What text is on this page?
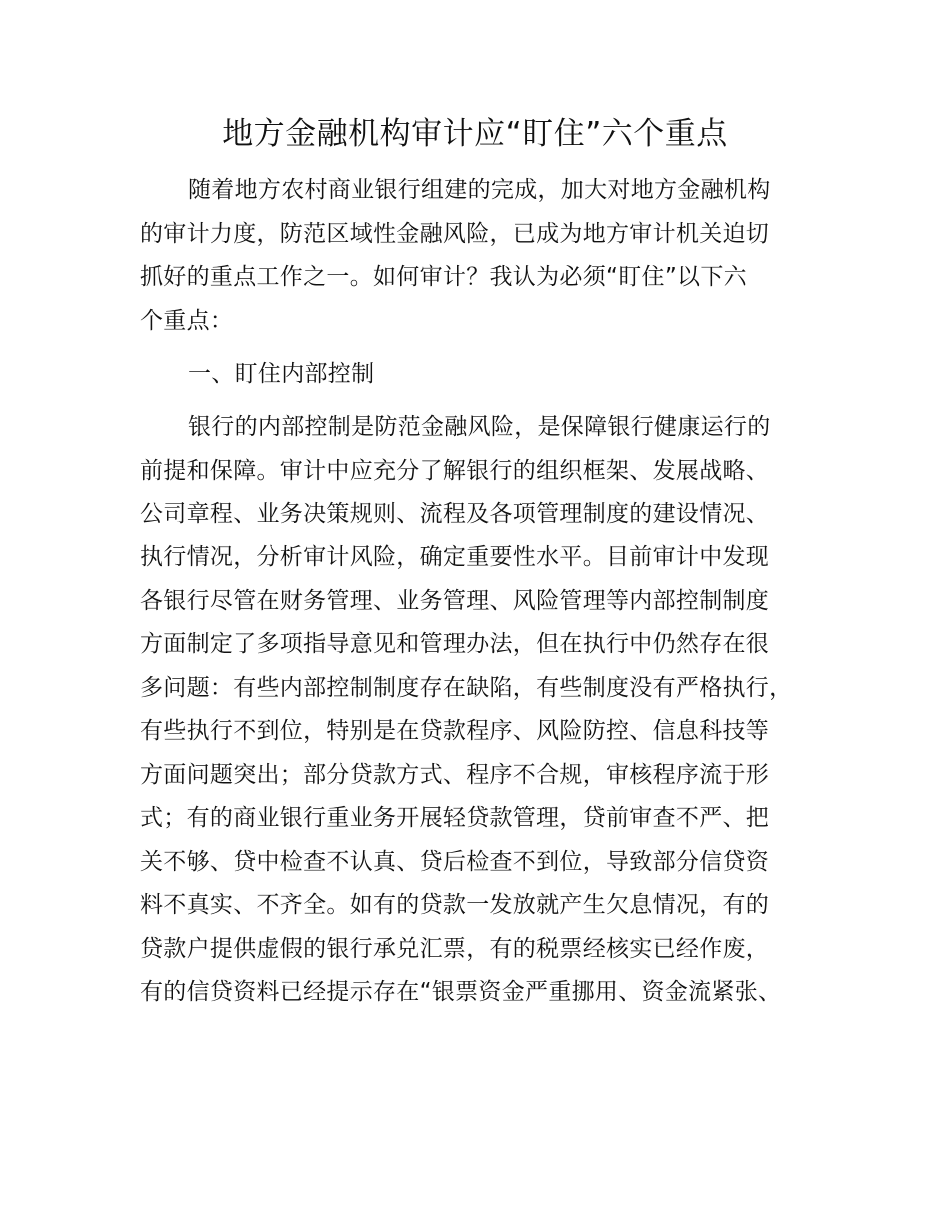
地方金融机构审计应“盯住”六个重点
随着地方农村商业银行组建的完成，加大对地方金融机构
的审计力度，防范区域性金融风险，已成为地方审计机关迫切
抓好的重点工作之一。如何审计？我认为必须“盯住”以下六
个重点：
一、盯住内部控制
银行的内部控制是防范金融风险，是保障银行健康运行的
前提和保障。审计中应充分了解银行的组织框架、发展战略、
公司章程、业务决策规则、流程及各项管理制度的建设情况、
执行情况，分析审计风险，确定重要性水平。目前审计中发现
各银行尽管在财务管理、业务管理、风险管理等内部控制制度
方面制定了多项指导意见和管理办法，但在执行中仍然存在很
多问题：有些内部控制制度存在缺陷，有些制度没有严格执行，
有些执行不到位，特别是在贷款程序、风险防控、信息科技等
方面问题突出；部分贷款方式、程序不合规，审核程序流于形
式；有的商业银行重业务开展轻贷款管理，贷前审查不严、把
关不够、贷中检查不认真、贷后检查不到位，导致部分信贷资
料不真实、不齐全。如有的贷款一发放就产生欠息情况，有的
贷款户提供虚假的银行承兑汇票，有的税票经核实已经作废，
有的信贷资料已经提示存在“银票资金严重挪用、资金流紧张、
